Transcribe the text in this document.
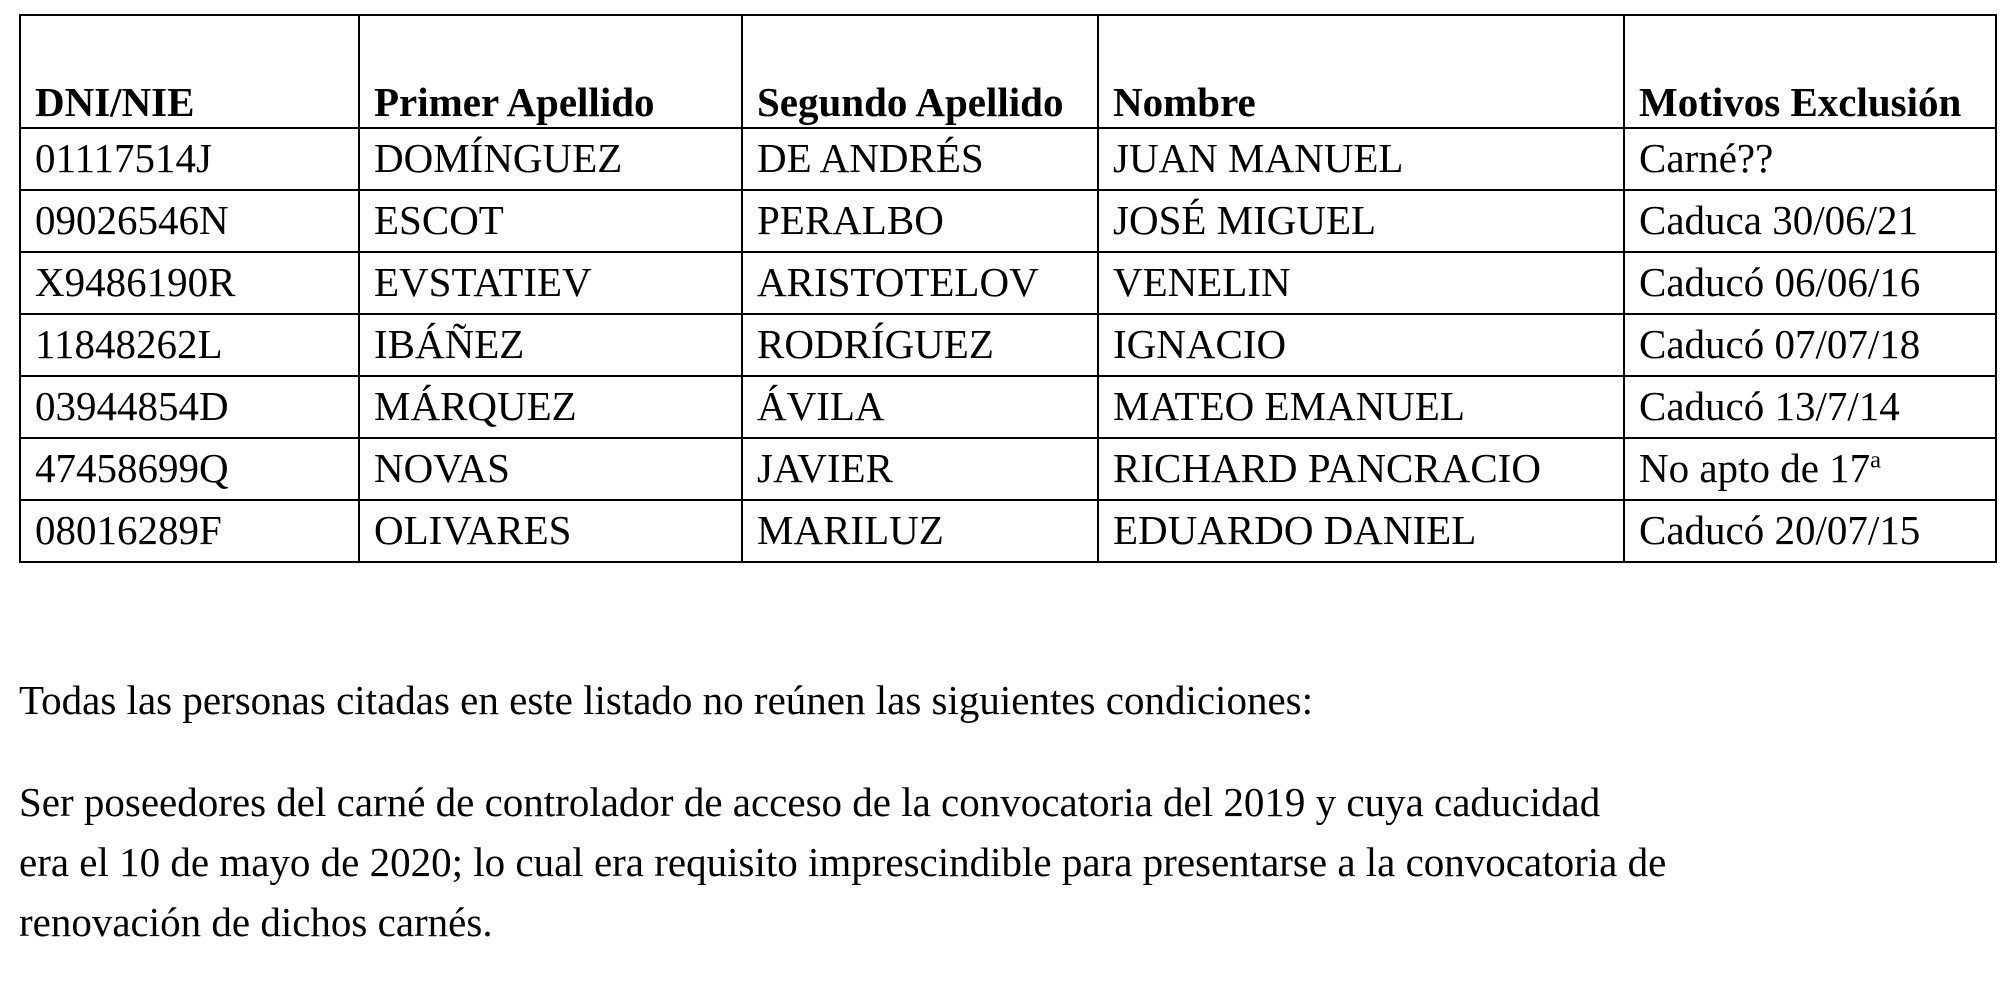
DNI/NIE	Primer Apellido	Segundo Apellido	Nombre	Motivos Exclusión
01117514J	DOMÍNGUEZ	DE ANDRÉS	JUAN MANUEL	Carné??
09026546N	ESCOT	PERALBO	JOSÉ MIGUEL	Caduca 30/06/21
X9486190R	EVSTATIEV	ARISTOTELOV	VENELIN	Caducó 06/06/16
11848262L	IBÁÑEZ	RODRÍGUEZ	IGNACIO	Caducó 07/07/18
03944854D	MÁRQUEZ	ÁVILA	MATEO EMANUEL	Caducó 13/7/14
47458699Q	NOVAS	JAVIER	RICHARD PANCRACIO	No apto de 17$^a$
08016289F	OLIVARES	MARILUZ	EDUARDO DANIEL	Caducó 20/07/15

Todas las personas citadas en este listado no reúnen las siguientes condiciones:

Ser poseedores del carné de controlador de acceso de la convocatoria del 2019 y cuya caducidad
era el 10 de mayo de 2020; lo cual era requisito imprescindible para presentarse a la convocatoria de
renovación de dichos carnés.
